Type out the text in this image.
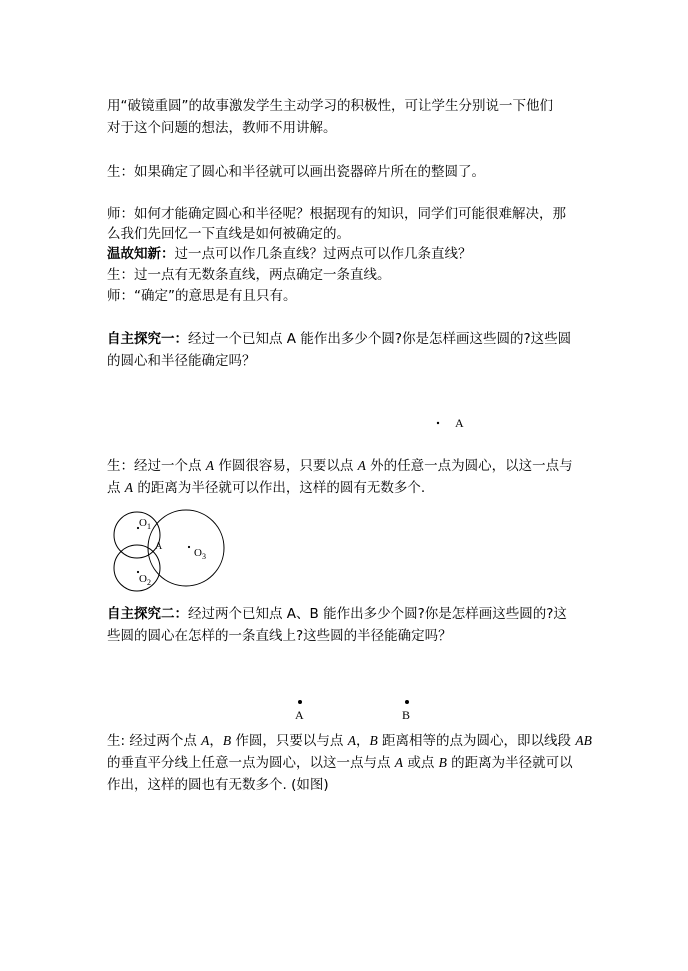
用“破镜重圆”的故事激发学生主动学习的积极性，可让学生分别说一下他们

对于这个问题的想法，教师不用讲解。

生：如果确定了圆心和半径就可以画出瓷器碎片所在的整圆了。

师：如何才能确定圆心和半径呢？根据现有的知识，同学们可能很难解决，那

么我们先回忆一下直线是如何被确定的。

温故知新：过一点可以作几条直线？过两点可以作几条直线？

生：过一点有无数条直线，两点确定一条直线。

师：“确定”的意思是有且只有。

自主探究一：经过一个已知点 A 能作出多少个圆?你是怎样画这些圆的?这些圆

的圆心和半径能确定吗？

A

生：经过一个点 A 作圆很容易，只要以点 A 外的任意一点为圆心，以这一点与

点 A 的距离为半径就可以作出，这样的圆有无数多个.

$O_1$
$O_2$
$O_3$
A

自主探究二：经过两个已知点 A、B 能作出多少个圆?你是怎样画这些圆的?这

些圆的圆心在怎样的一条直线上?这些圆的半径能确定吗？

A	B

生: 经过两个点 A，B 作圆，只要以与点 A，B 距离相等的点为圆心，即以线段 AB

的垂直平分线上任意一点为圆心，以这一点与点 A 或点 B 的距离为半径就可以

作出，这样的圆也有无数多个. (如图)
